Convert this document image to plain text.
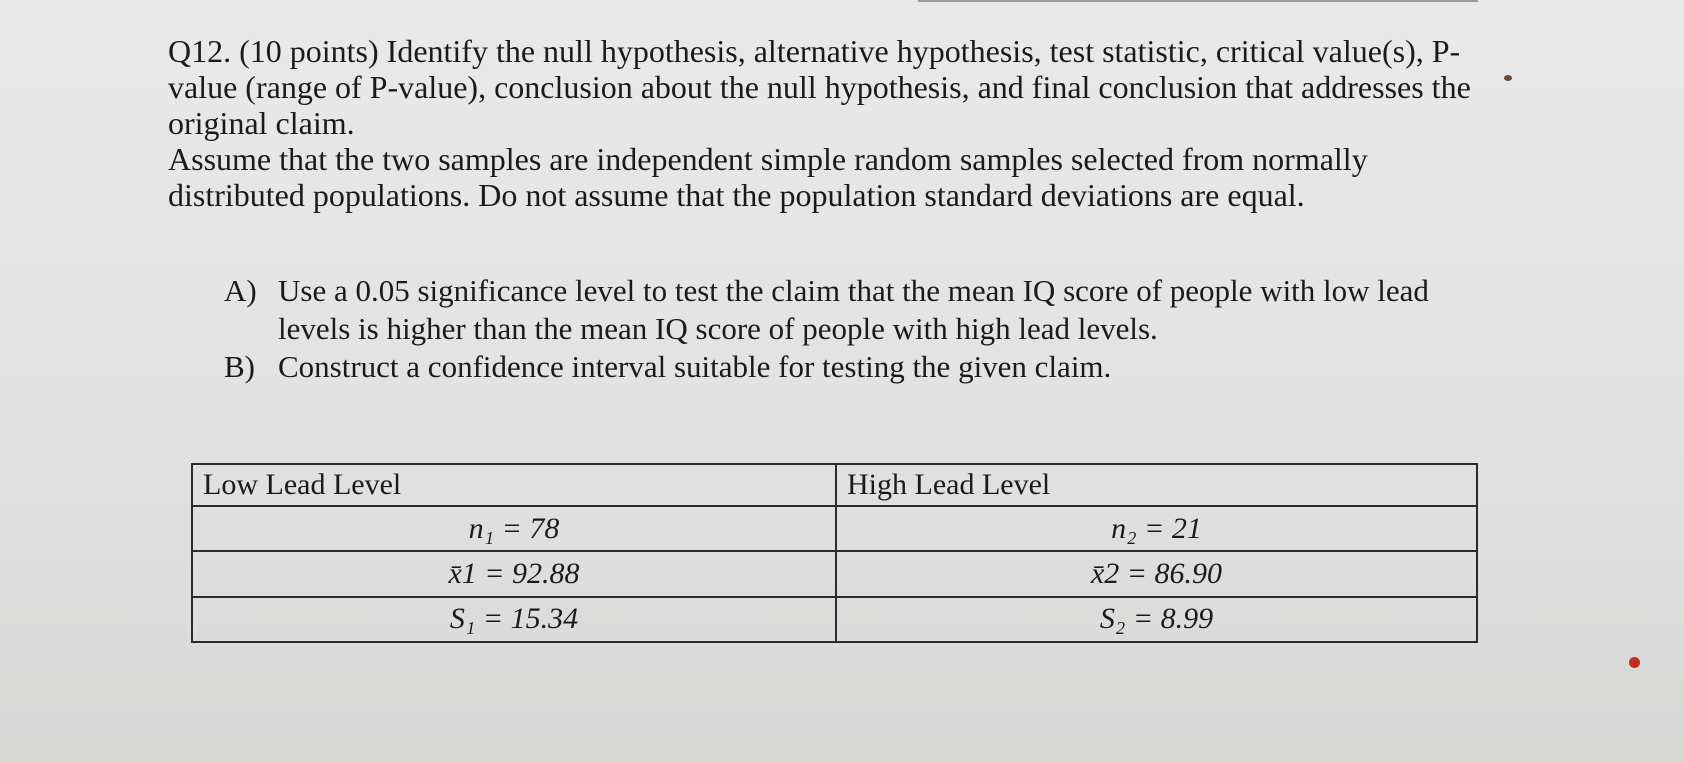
Q12. (10 points) Identify the null hypothesis, alternative hypothesis, test statistic, critical value(s), P-value (range of P-value), conclusion about the null hypothesis, and final conclusion that addresses the original claim.

Assume that the two samples are independent simple random samples selected from normally distributed populations. Do not assume that the population standard deviations are equal.

A) Use a 0.05 significance level to test the claim that the mean IQ score of people with low lead levels is higher than the mean IQ score of people with high lead levels.
B) Construct a confidence interval suitable for testing the given claim.
Low Lead Level	High Lead Level
n₁ = 78	n₂ = 21
x̄1 = 92.88	x̄2 = 86.90
S₁ = 15.34	S₂ = 8.99
